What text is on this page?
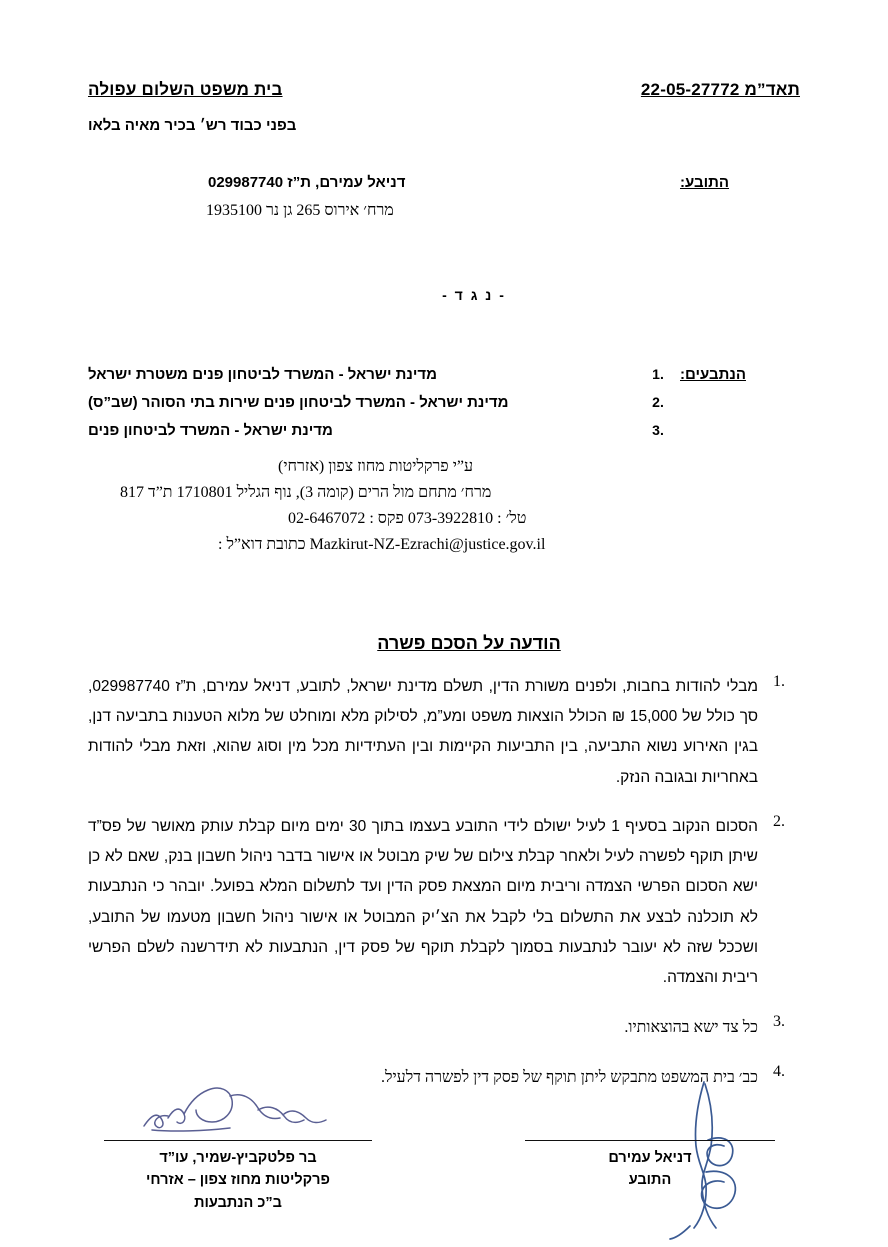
בית משפט השלום עפולה	תאד”מ 22-05-27772
בפני כבוד רש׳ בכיר מאיה בלאו
התובע:
דניאל עמירם, ת”ז 029987740
מרח׳ אירוס 265 גן נר 1935100
- נ ג ד -
הנתבעים:
1.
מדינת ישראל - המשרד לביטחון פנים משטרת ישראל
2.
מדינת ישראל - המשרד לביטחון פנים שירות בתי הסוהר (שב”ס)
3.
מדינת ישראל - המשרד לביטחון פנים
ע”י פרקליטות מחוז צפון (אזרחי)
מרח׳ מתחם מול הרים (קומה 3), נוף הגליל 1710801 ת”ד 817
טל׳ : 073-3922810 פקס : 02-6467072
Mazkirut-NZ-Ezrachi@justice.gov.il כתובת דוא”ל :
הודעה על הסכם פשרה
1.
מבלי להודות בחבות, ולפנים משורת הדין, תשלם מדינת ישראל, לתובע, דניאל עמירם, ת”ז 029987740, סך כולל של 15,000 ₪ הכולל הוצאות משפט ומע”מ, לסילוק מלא ומוחלט של מלוא הטענות בתביעה דנן, בגין האירוע נשוא התביעה, בין התביעות הקיימות ובין העתידיות מכל מין וסוג שהוא, וזאת מבלי להודות באחריות ובגובה הנזק.
2.
הסכום הנקוב בסעיף 1 לעיל ישולם לידי התובע בעצמו בתוך 30 ימים מיום קבלת עותק מאושר של פס”ד שיתן תוקף לפשרה לעיל ולאחר קבלת צילום של שיק מבוטל או אישור בדבר ניהול חשבון בנק, שאם לא כן ישא הסכום הפרשי הצמדה וריבית מיום המצאת פסק הדין ועד לתשלום המלא בפועל. יובהר כי הנתבעות לא תוכלנה לבצע את התשלום בלי לקבל את הצ׳יק המבוטל או אישור ניהול חשבון מטעמו של התובע, ושככל שזה לא יעובר לנתבעות בסמוך לקבלת תוקף של פסק דין, הנתבעות לא תידרשנה לשלם הפרשי ריבית והצמדה.
3.
כל צד ישא בהוצאותיו.
4.
כב׳ בית המשפט מתבקש ליתן תוקף של פסק דין לפשרה דלעיל.
דניאל עמירם
התובע
בר פלטקביץ-שמיר, עו”ד
פרקליטות מחוז צפון – אזרחי
ב”כ הנתבעות
